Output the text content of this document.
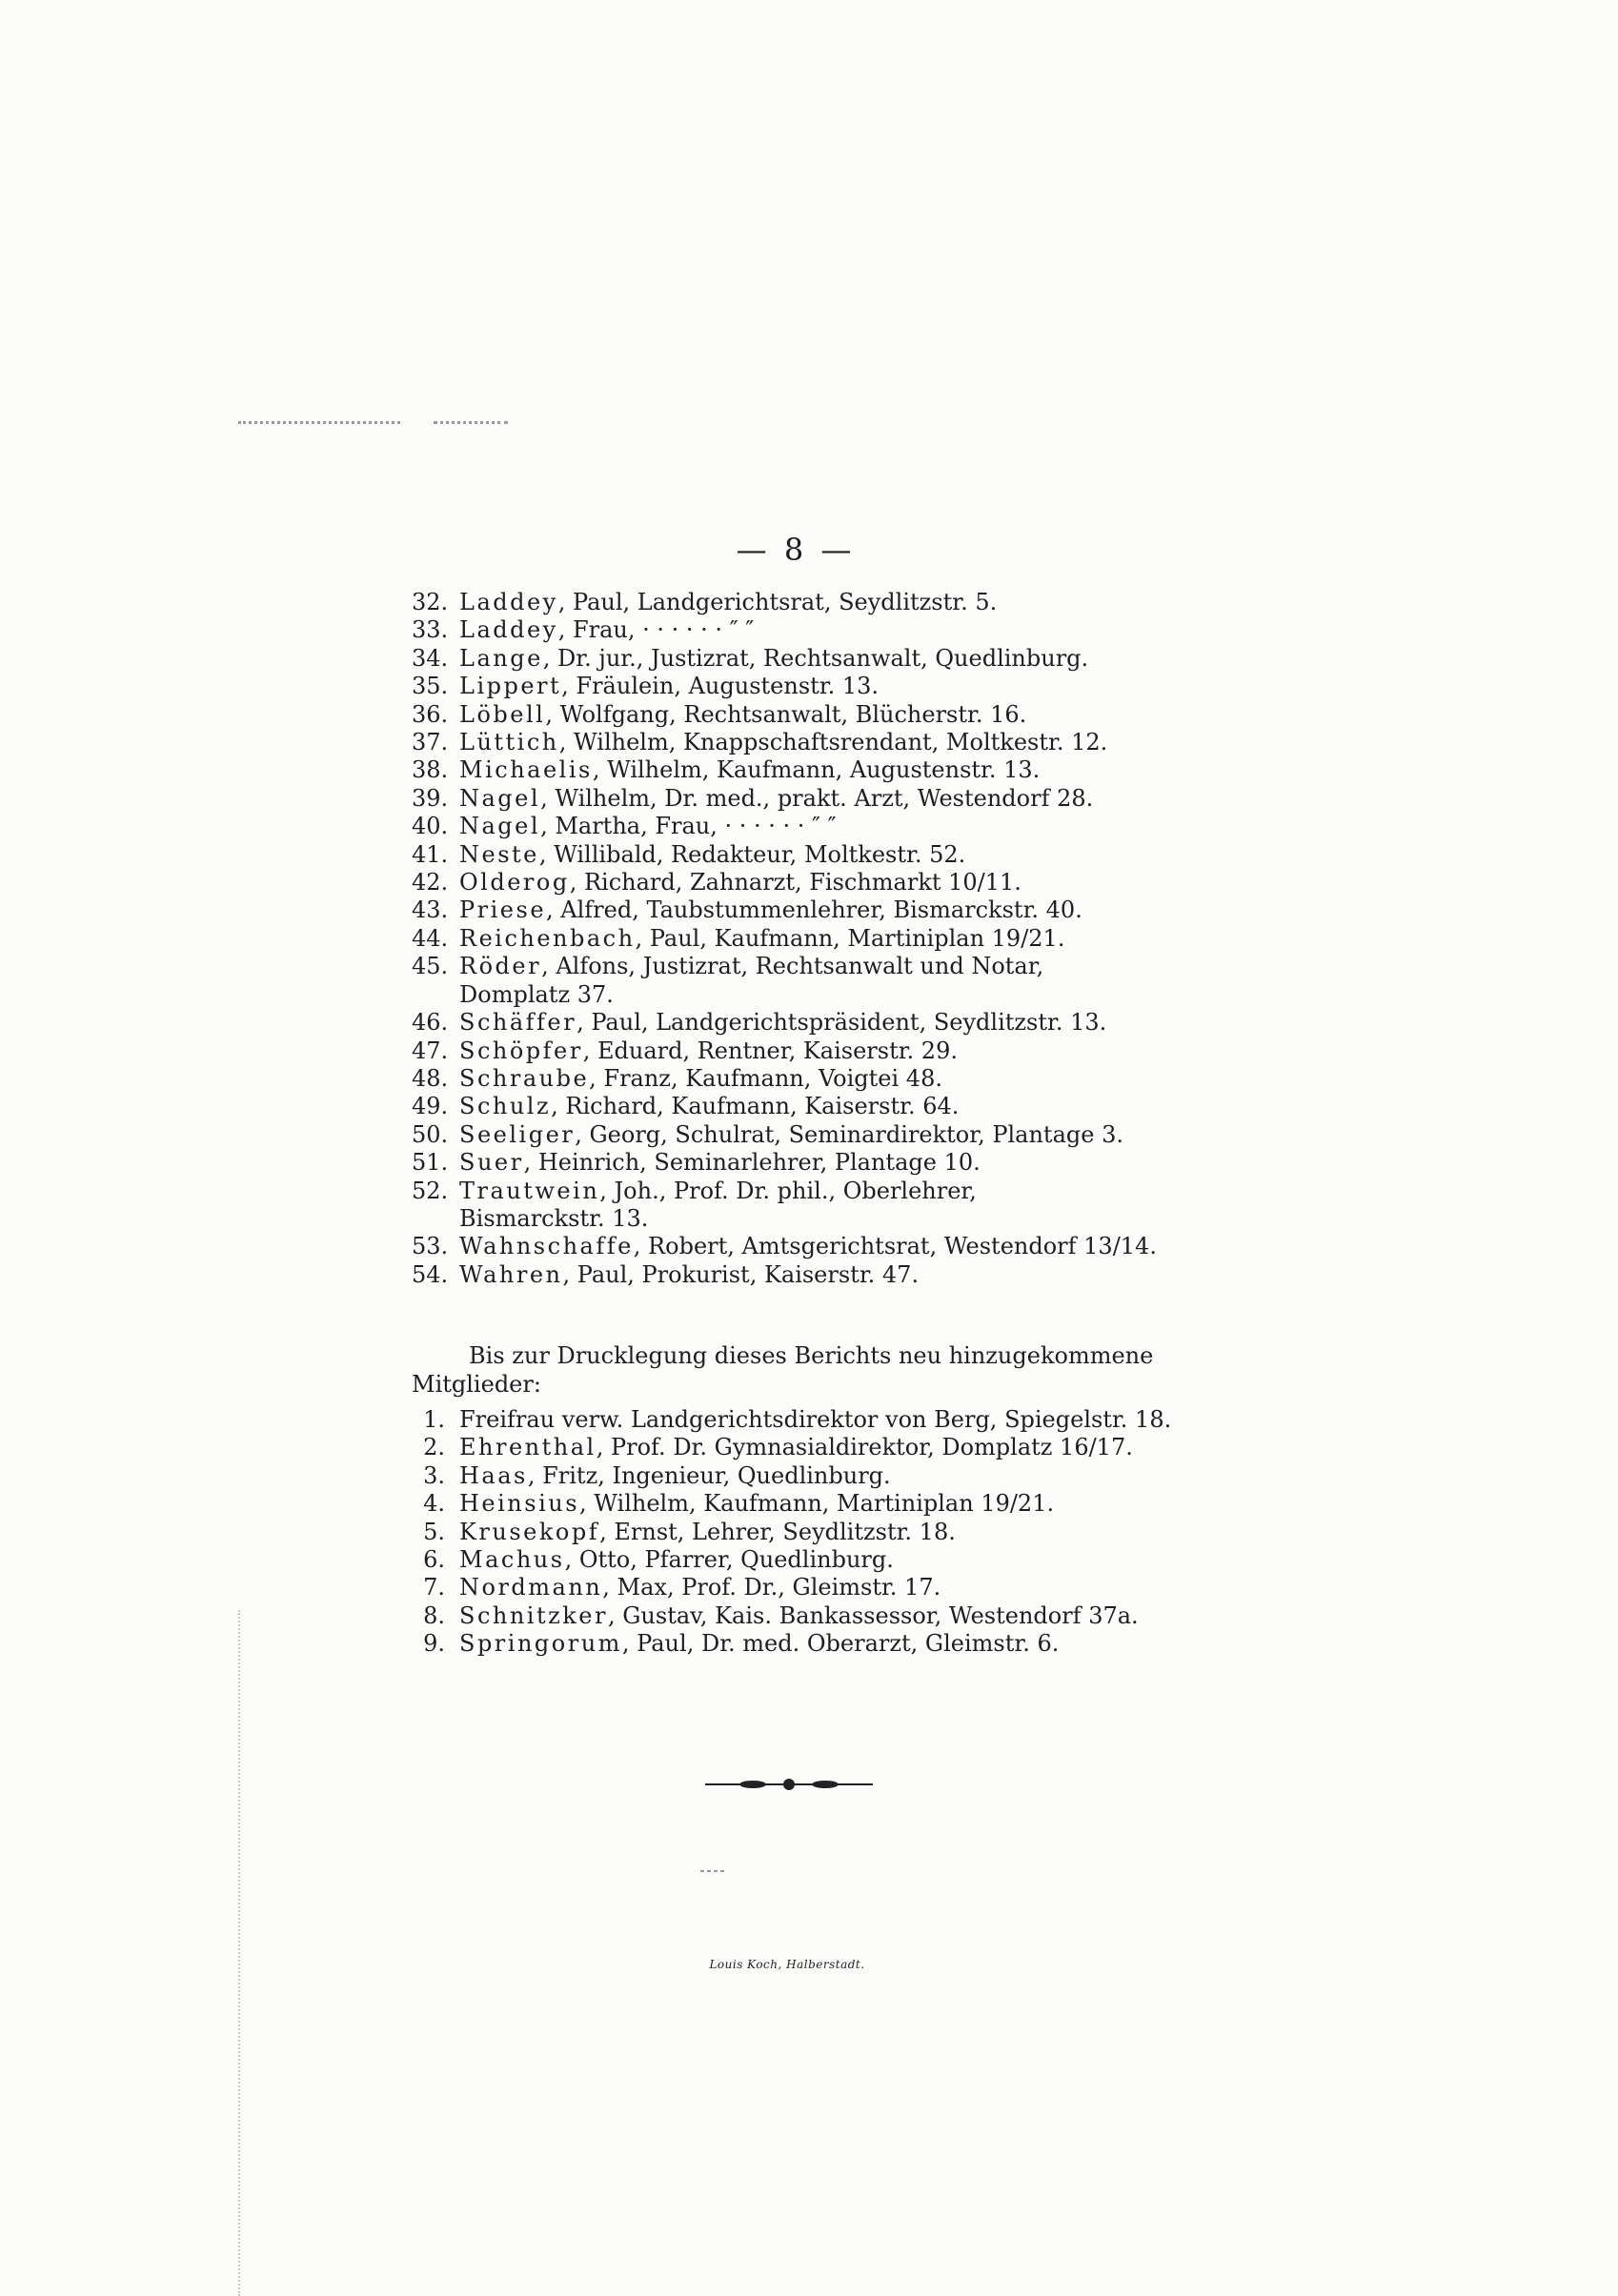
— 8 —
32. Laddey, Paul, Landgerichtsrat, Seydlitzstr. 5.
33. Laddey, Frau, · · · · · · ″ ″
34. Lange, Dr. jur., Justizrat, Rechtsanwalt, Quedlinburg.
35. Lippert, Fräulein, Augustenstr. 13.
36. Löbell, Wolfgang, Rechtsanwalt, Blücherstr. 16.
37. Lüttich, Wilhelm, Knappschaftsrendant, Moltkestr. 12.
38. Michaelis, Wilhelm, Kaufmann, Augustenstr. 13.
39. Nagel, Wilhelm, Dr. med., prakt. Arzt, Westendorf 28.
40. Nagel, Martha, Frau, · · · · · · ″ ″
41. Neste, Willibald, Redakteur, Moltkestr. 52.
42. Olderog, Richard, Zahnarzt, Fischmarkt 10/11.
43. Priese, Alfred, Taubstummenlehrer, Bismarckstr. 40.
44. Reichenbach, Paul, Kaufmann, Martiniplan 19/21.
45. Röder, Alfons, Justizrat, Rechtsanwalt und Notar,
Domplatz 37.
46. Schäffer, Paul, Landgerichtspräsident, Seydlitzstr. 13.
47. Schöpfer, Eduard, Rentner, Kaiserstr. 29.
48. Schraube, Franz, Kaufmann, Voigtei 48.
49. Schulz, Richard, Kaufmann, Kaiserstr. 64.
50. Seeliger, Georg, Schulrat, Seminardirektor, Plantage 3.
51. Suer, Heinrich, Seminarlehrer, Plantage 10.
52. Trautwein, Joh., Prof. Dr. phil., Oberlehrer,
Bismarckstr. 13.
53. Wahnschaffe, Robert, Amtsgerichtsrat, Westendorf 13/14.
54. Wahren, Paul, Prokurist, Kaiserstr. 47.
Bis zur Drucklegung dieses Berichts neu hinzugekommene
Mitglieder:
1. Freifrau verw. Landgerichtsdirektor von Berg, Spiegelstr. 18.
2. Ehrenthal, Prof. Dr. Gymnasialdirektor, Domplatz 16/17.
3. Haas, Fritz, Ingenieur, Quedlinburg.
4. Heinsius, Wilhelm, Kaufmann, Martiniplan 19/21.
5. Krusekopf, Ernst, Lehrer, Seydlitzstr. 18.
6. Machus, Otto, Pfarrer, Quedlinburg.
7. Nordmann, Max, Prof. Dr., Gleimstr. 17.
8. Schnitzker, Gustav, Kais. Bankassessor, Westendorf 37a.
9. Springorum, Paul, Dr. med. Oberarzt, Gleimstr. 6.
Louis Koch, Halberstadt.
